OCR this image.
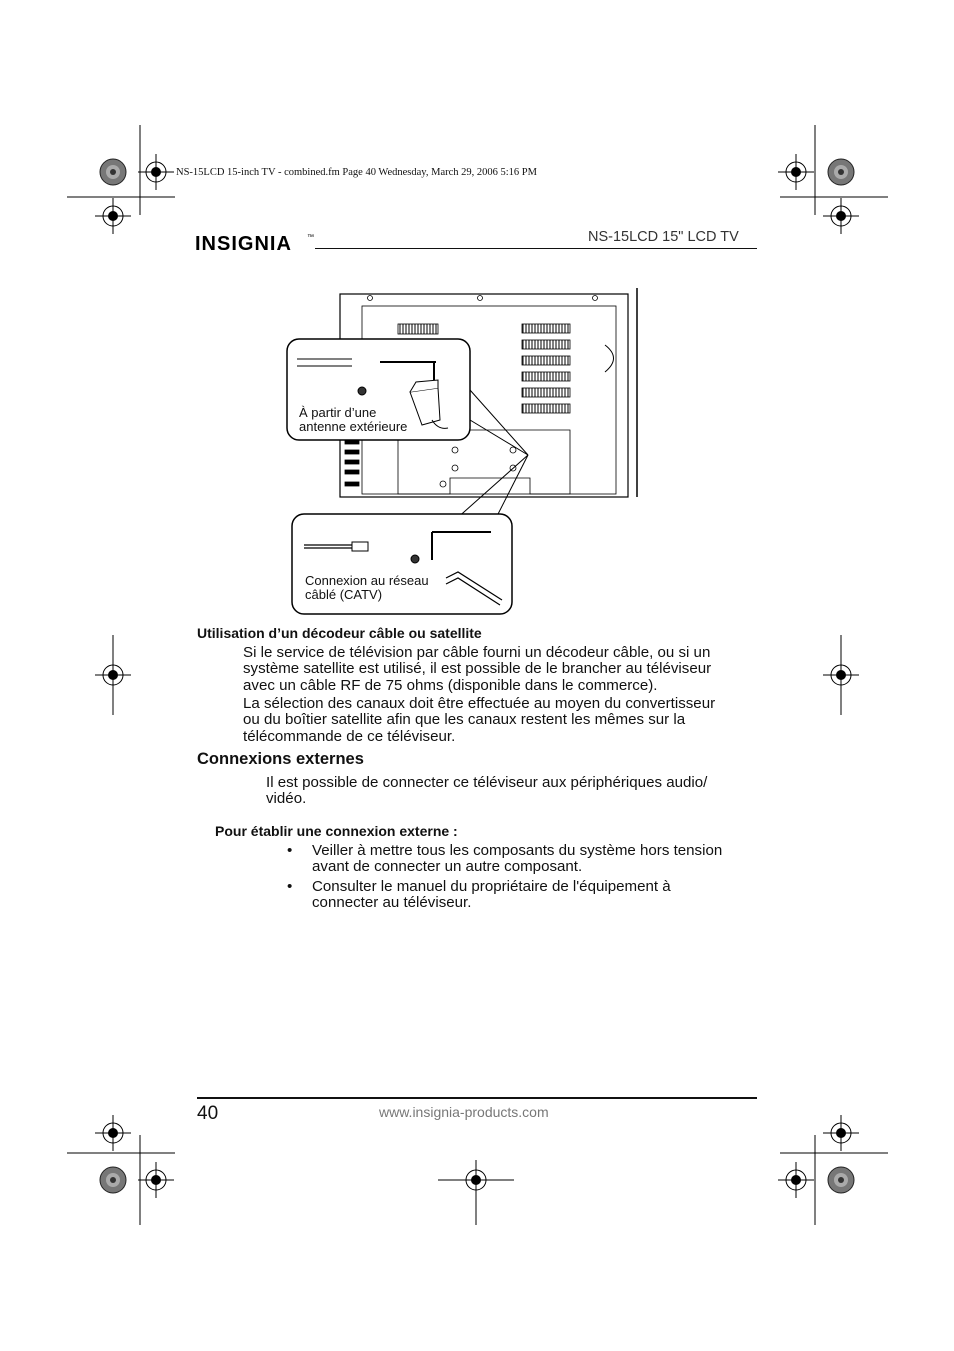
NS-15LCD 15-inch TV - combined.fm Page 40 Wednesday, March 29, 2006 5:16 PM
INSIGNIA ™	NS-15LCD 15" LCD TV
À partir d’une
antenne extérieure
Connexion au réseau
câblé (CATV)
Utilisation d’un décodeur câble ou satellite
Si le service de télévision par câble fourni un décodeur câble, ou si un
système satellite est utilisé, il est possible de le brancher au téléviseur
avec un câble RF de 75 ohms (disponible dans le commerce).
La sélection des canaux doit être effectuée au moyen du convertisseur
ou du boîtier satellite afin que les canaux restent les mêmes sur la
télécommande de ce téléviseur.
Connexions externes
Il est possible de connecter ce téléviseur aux périphériques audio/
vidéo.
Pour établir une connexion externe :
• Veiller à mettre tous les composants du système hors tension
avant de connecter un autre composant.
• Consulter le manuel du propriétaire de l'équipement à
connecter au téléviseur.
40	www.insignia-products.com
